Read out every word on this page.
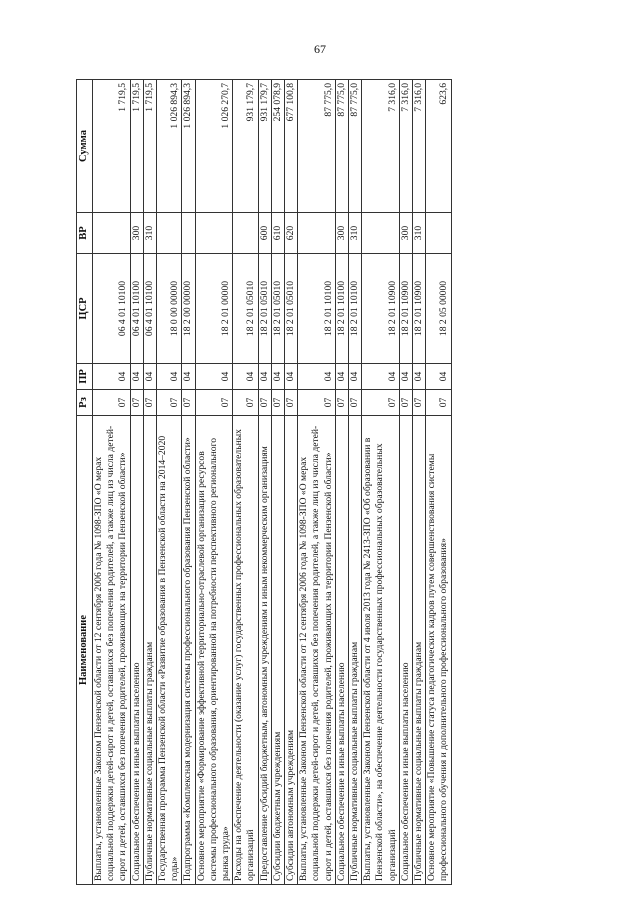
67
Наименование	Рз	ПР	ЦСР	ВР	Сумма
Выплаты, установленные Законом Пензенской области от 12 сентября 2006 года № 1098-ЗПО «О мерах социальной поддержки детей-сирот и детей, оставшихся без попечения родителей, а также лиц из числа детей-сирот и детей, оставшихся без попечения родителей, проживающих на территории Пензенской области»	07	04	06 4 01 10100		1 719,5
Социальное обеспечение и иные выплаты населению	07	04	06 4 01 10100	300	1 719,5
Публичные нормативные социальные выплаты гражданам	07	04	06 4 01 10100	310	1 719,5
Государственная программа Пензенской области «Развитие образования в Пензенской области на 2014–2020 годы»	07	04	18 0 00 00000		1 026 894,3
Подпрограмма «Комплексная модернизация системы профессионального образования Пензенской области»	07	04	18 2 00 00000		1 026 894,3
Основное мероприятие «Формирование эффективной территориально-отраслевой организации ресурсов системы профессионального образования, ориентированной на потребности перспективного регионального рынка труда»	07	04	18 2 01 00000		1 026 270,7
Расходы на обеспечение деятельности (оказание услуг) государственных профессиональных образовательных организаций	07	04	18 2 01 05010		931 179,7
Предоставление субсидий бюджетным, автономным учреждениям и иным некоммерческим организациям	07	04	18 2 01 05010	600	931 179,7
Субсидии бюджетным учреждениям	07	04	18 2 01 05010	610	254 078,9
Субсидии автономным учреждениям	07	04	18 2 01 05010	620	677 100,8
Выплаты, установленные Законом Пензенской области от 12 сентября 2006 года № 1098-ЗПО «О мерах социальной поддержки детей-сирот и детей, оставшихся без попечения родителей, а также лиц из числа детей-сирот и детей, оставшихся без попечения родителей, проживающих на территории Пензенской области»	07	04	18 2 01 10100		87 775,0
Социальное обеспечение и иные выплаты населению	07	04	18 2 01 10100	300	87 775,0
Публичные нормативные социальные выплаты гражданам	07	04	18 2 01 10100	310	87 775,0
Выплаты, установленные Законом Пензенской области от 4 июля 2013 года № 2413-ЗПО «Об образовании в Пензенской области», на обеспечение деятельности государственных профессиональных образовательных организаций	07	04	18 2 01 10900		7 316,0
Социальное обеспечение и иные выплаты населению	07	04	18 2 01 10900	300	7 316,0
Публичные нормативные социальные выплаты гражданам	07	04	18 2 01 10900	310	7 316,0
Основное мероприятие «Повышение статуса педагогических кадров путем совершенствования системы профессионального обучения и дополнительного профессионального образования»	07	04	18 2 05 00000		623,6
